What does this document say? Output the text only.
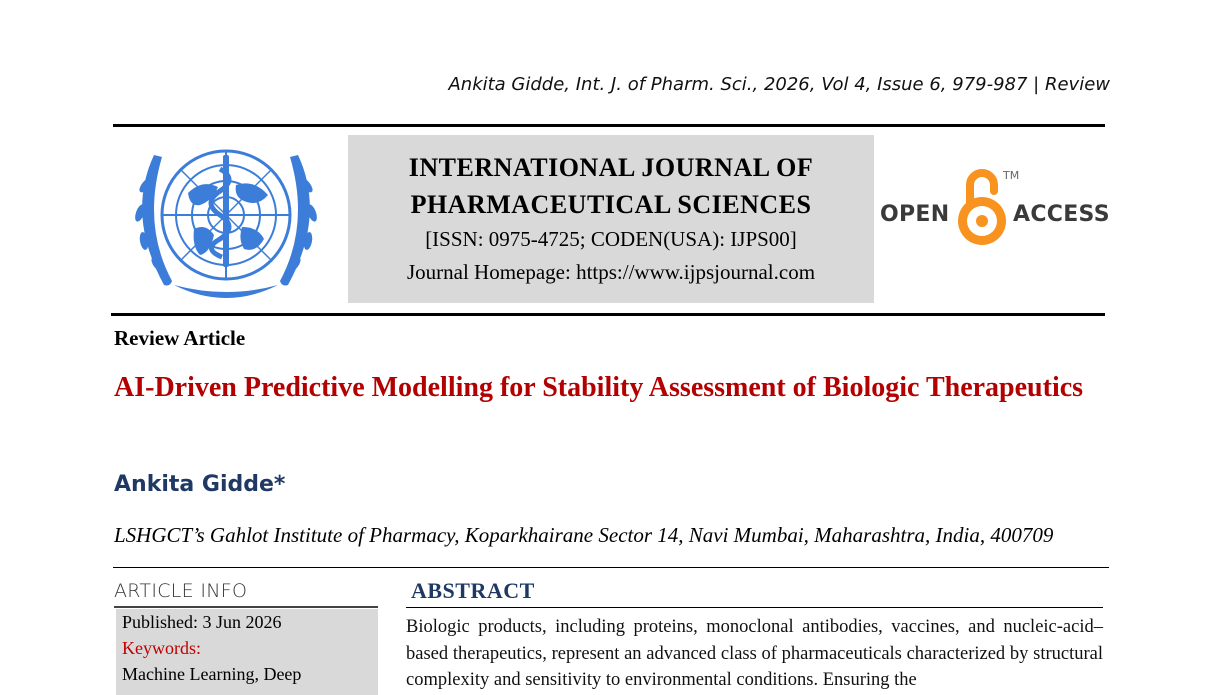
Ankita Gidde, Int. J. of Pharm. Sci., 2026, Vol 4, Issue 6, 979-987 | Review
INTERNATIONAL JOURNAL OF
PHARMACEUTICAL SCIENCES
[ISSN: 0975-4725; CODEN(USA): IJPS00]
Journal Homepage: https://www.ijpsjournal.com
OPEN
TM
ACCESS
Review Article
AI-Driven Predictive Modelling for Stability Assessment of Biologic Therapeutics
Ankita Gidde*
LSHGCT’s Gahlot Institute of Pharmacy, Koparkhairane Sector 14, Navi Mumbai, Maharashtra, India, 400709
ARTICLE INFO
Published: 3 Jun 2026
Keywords:
Machine Learning, Deep
ABSTRACT
Biologic products, including proteins, monoclonal antibodies, vaccines, and nucleic-acid–based therapeutics, represent an advanced class of pharmaceuticals characterized by structural complexity and sensitivity to environmental conditions. Ensuring the
